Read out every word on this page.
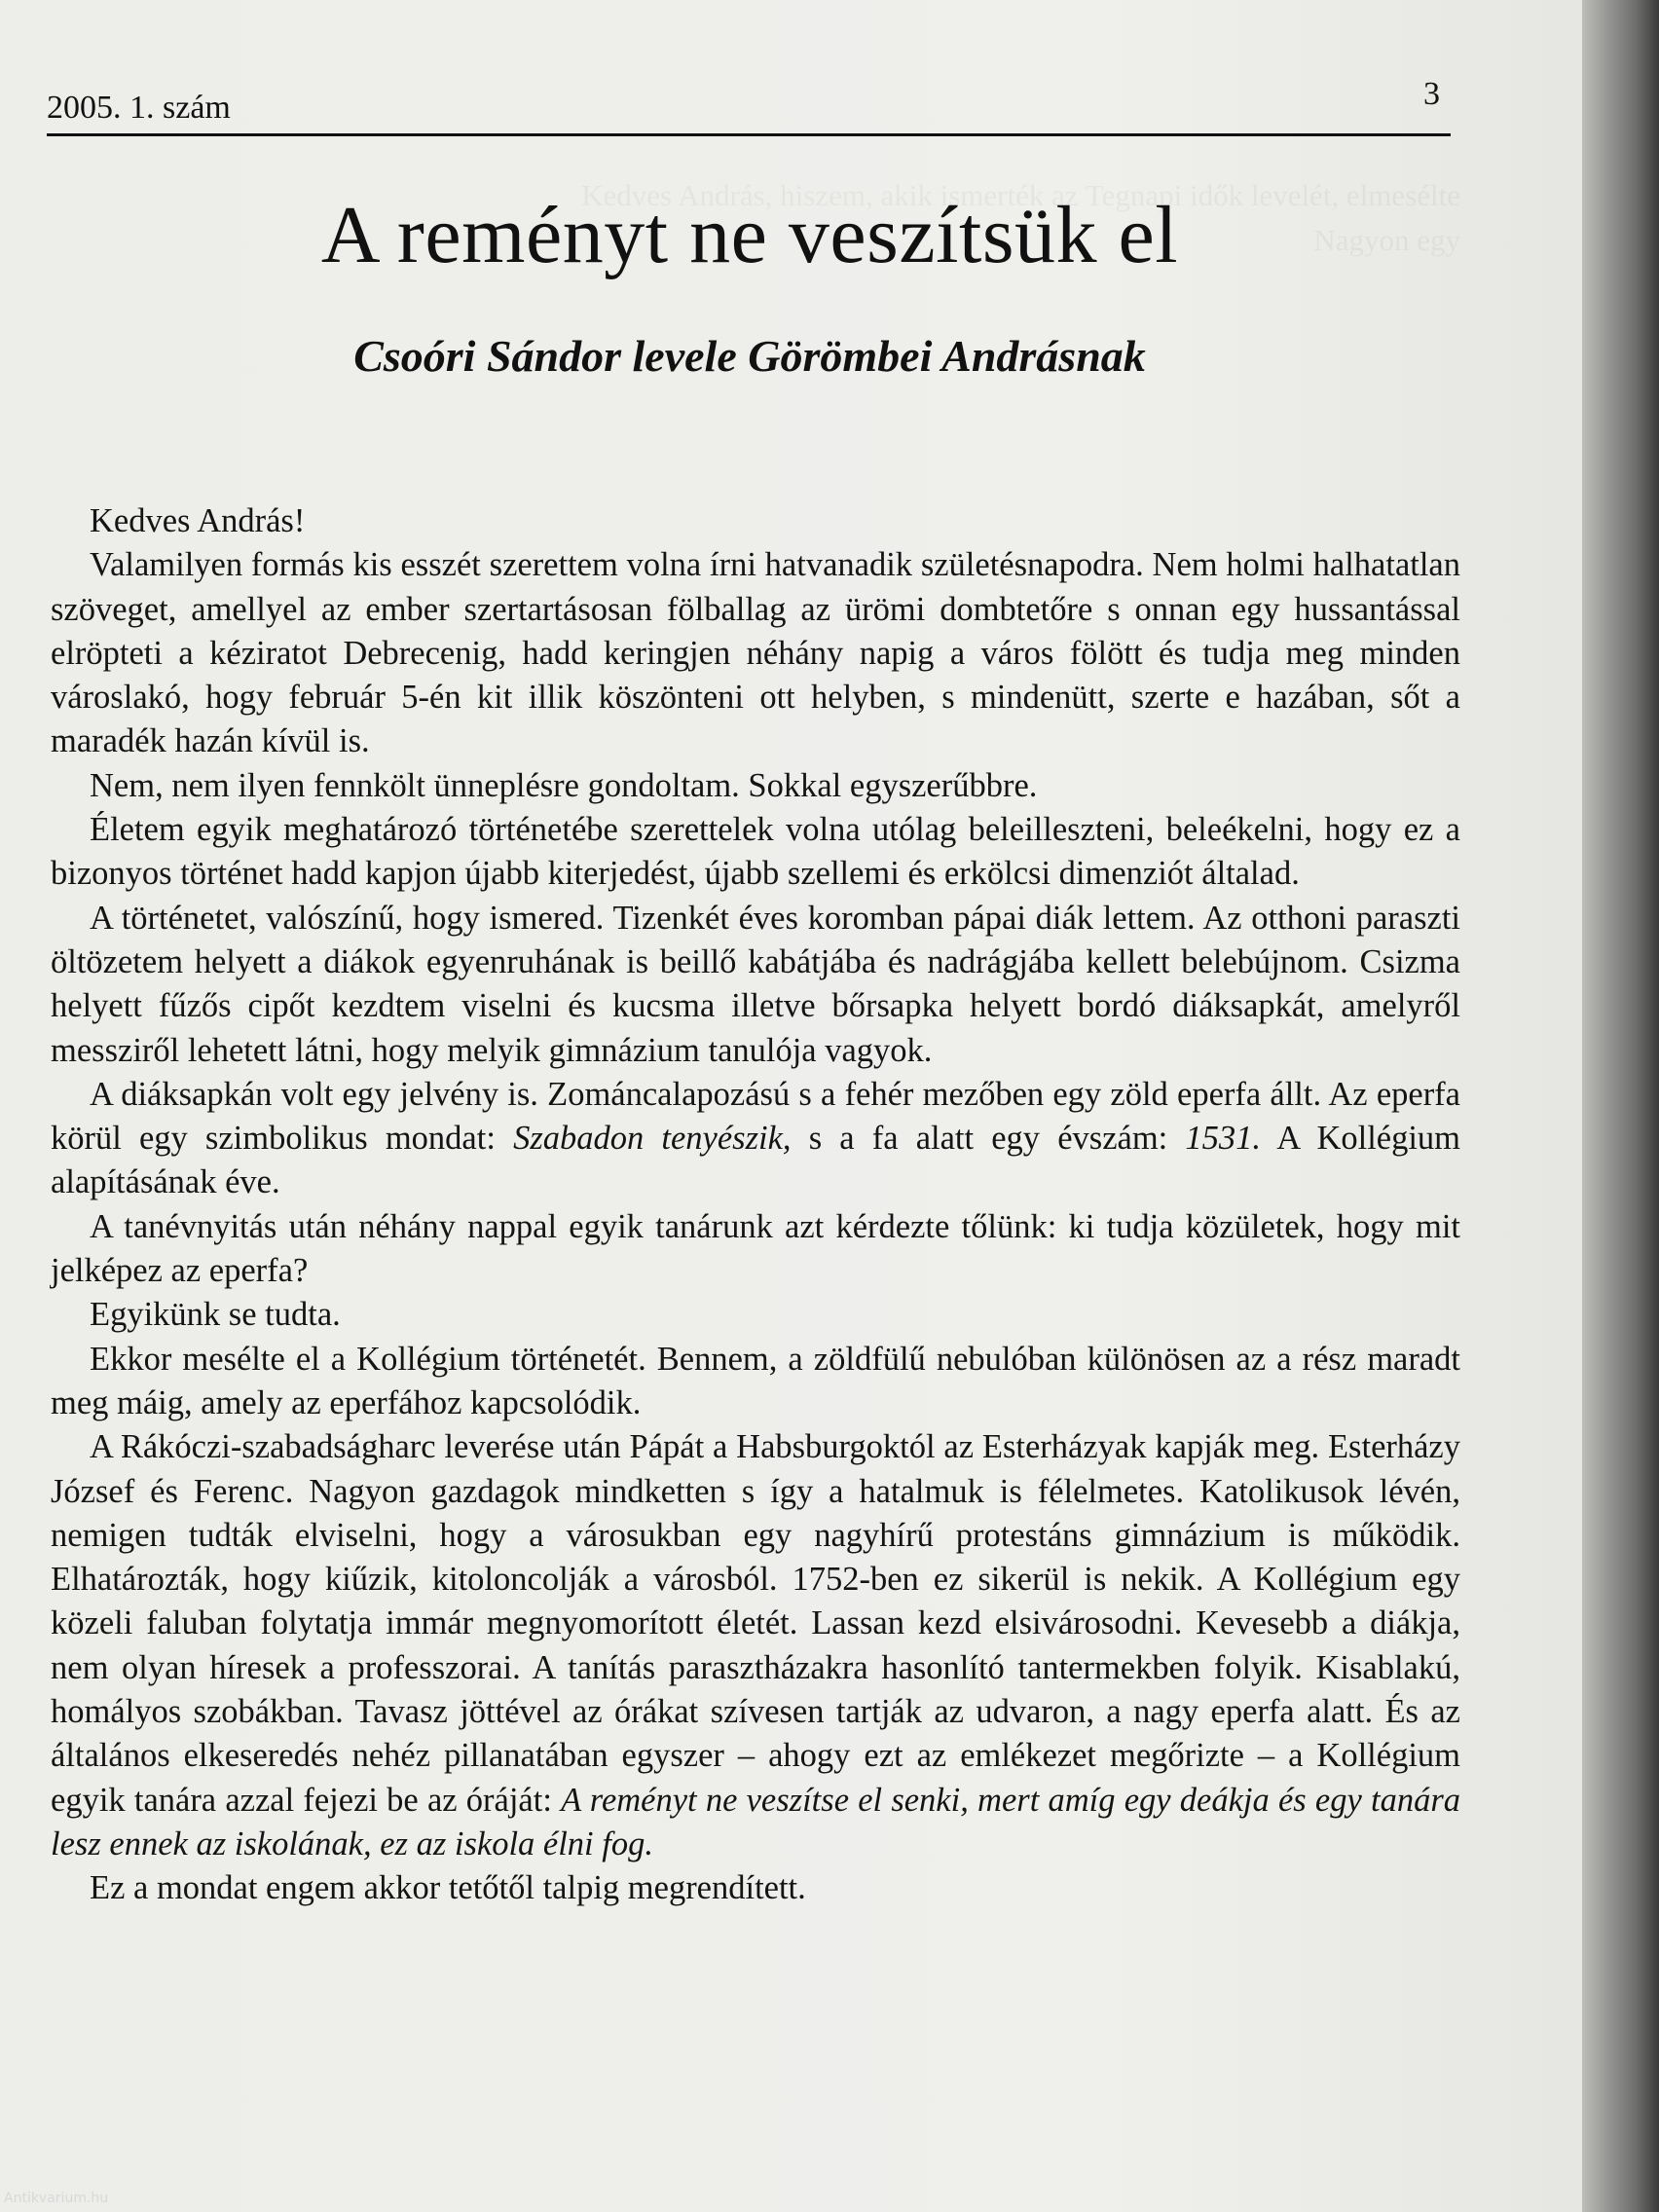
2005. 1. szám	3
A reményt ne veszítsük el
Csoóri Sándor levele Görömbei Andrásnak

Kedves András!

Valamilyen formás kis esszét szerettem volna írni hatvanadik születésnapodra. Nem holmi halhatatlan szöveget, amellyel az ember szertartásosan fölballag az ürömi dombtetőre s onnan egy hussantással elröpteti a kéziratot Debrecenig, hadd keringjen néhány napig a város fölött és tudja meg minden városlakó, hogy február 5-én kit illik köszönteni ott helyben, s mindenütt, szerte e hazában, sőt a maradék hazán kívül is.

Nem, nem ilyen fennkölt ünneplésre gondoltam. Sokkal egyszerűbbre.

Életem egyik meghatározó történetébe szerettelek volna utólag beleilleszteni, beleékelni, hogy ez a bizonyos történet hadd kapjon újabb kiterjedést, újabb szellemi és erkölcsi dimenziót általad.

A történetet, valószínű, hogy ismered. Tizenkét éves koromban pápai diák lettem. Az otthoni paraszti öltözetem helyett a diákok egyenruhának is beillő kabátjába és nadrágjába kellett belebújnom. Csizma helyett fűzős cipőt kezdtem viselni és kucsma illetve bőrsapka helyett bordó diáksapkát, amelyről messziről lehetett látni, hogy melyik gimnázium tanulója vagyok.

A diáksapkán volt egy jelvény is. Zománcalapozású s a fehér mezőben egy zöld eperfa állt. Az eperfa körül egy szimbolikus mondat: Szabadon tenyészik, s a fa alatt egy évszám: 1531. A Kollégium alapításának éve.

A tanévnyitás után néhány nappal egyik tanárunk azt kérdezte tőlünk: ki tudja közületek, hogy mit jelképez az eperfa?

Egyikünk se tudta.

Ekkor mesélte el a Kollégium történetét. Bennem, a zöldfülű nebulóban különösen az a rész maradt meg máig, amely az eperfához kapcsolódik.

A Rákóczi-szabadságharc leverése után Pápát a Habsburgoktól az Esterházyak kapják meg. Esterházy József és Ferenc. Nagyon gazdagok mindketten s így a hatalmuk is félelmetes. Katolikusok lévén, nemigen tudták elviselni, hogy a városukban egy nagyhírű protestáns gimnázium is működik. Elhatározták, hogy kiűzik, kitoloncolják a városból. 1752-ben ez sikerül is nekik. A Kollégium egy közeli faluban folytatja immár megnyomorított életét. Lassan kezd elsivárosodni. Kevesebb a diákja, nem olyan híresek a professzorai. A tanítás parasztházakra hasonlító tantermekben folyik. Kisablakú, homályos szobákban. Tavasz jöttével az órákat szívesen tartják az udvaron, a nagy eperfa alatt. És az általános elkeseredés nehéz pillanatában egyszer – ahogy ezt az emlékezet megőrizte – a Kollégium egyik tanára azzal fejezi be az óráját: A reményt ne veszítse el senki, mert amíg egy deákja és egy tanára lesz ennek az iskolának, ez az iskola élni fog.

Ez a mondat engem akkor tetőtől talpig megrendített.

Antikvarium.hu
